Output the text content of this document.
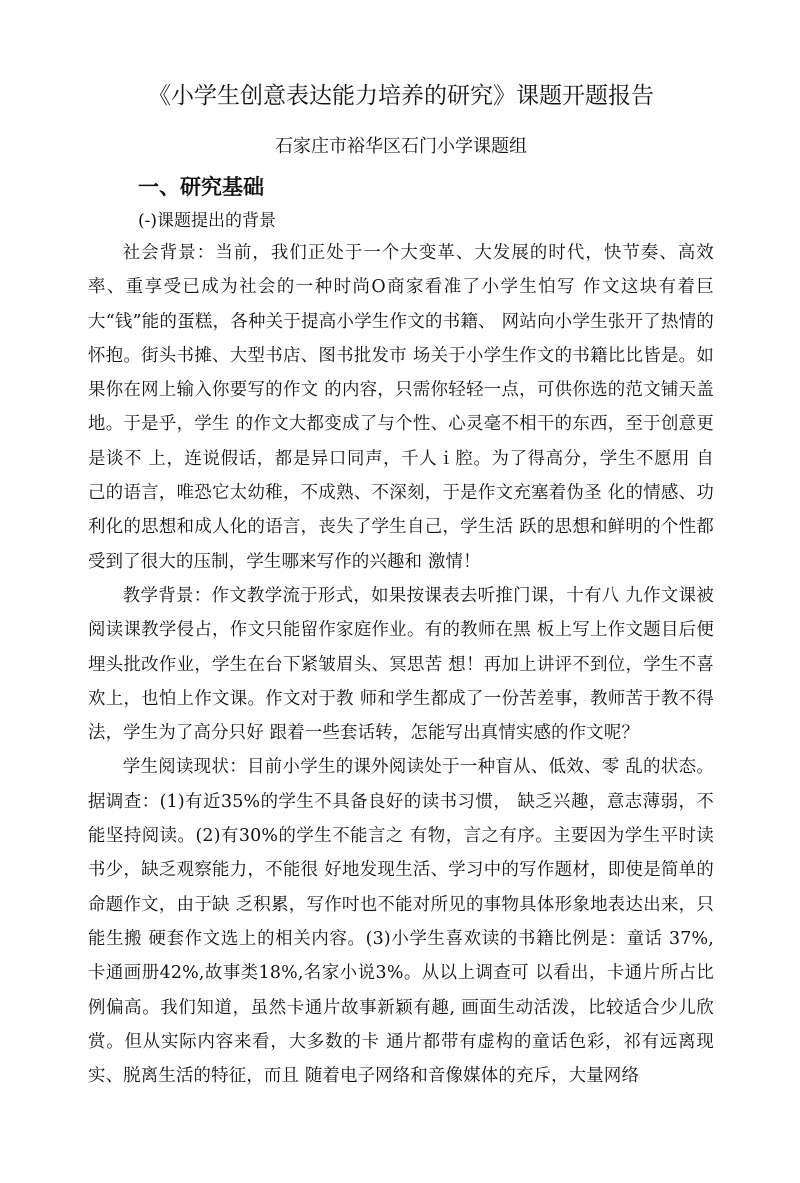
《小学生创意表达能力培养的研究》课题开题报告
石家庄市裕华区石门小学课题组
一、研究基础
(-)课题提出的背景

社会背景：当前，我们正处于一个大变革、大发展的时代，快节奏、高效率、重享受已成为社会的一种时尚O商家看准了小学生怕写 作文这块有着巨大“钱”能的蛋糕，各种关于提高小学生作文的书籍、 网站向小学生张开了热情的怀抱。街头书摊、大型书店、图书批发市 场关于小学生作文的书籍比比皆是。如果你在网上输入你要写的作文 的内容，只需你轻轻一点，可供你选的范文铺天盖地。于是乎，学生 的作文大都变成了与个性、心灵毫不相干的东西，至于创意更是谈不 上，连说假话，都是异口同声，千人ｉ腔。为了得高分，学生不愿用 自己的语言，唯恐它太幼稚，不成熟、不深刻，于是作文充塞着伪圣 化的情感、功利化的思想和成人化的语言，丧失了学生自己，学生活 跃的思想和鲜明的个性都受到了很大的压制，学生哪来写作的兴趣和 激情！

教学背景：作文教学流于形式，如果按课表去听推门课，十有八 九作文课被阅读课教学侵占，作文只能留作家庭作业。有的教师在黑 板上写上作文题目后便埋头批改作业，学生在台下紧皱眉头、冥思苦 想！再加上讲评不到位，学生不喜欢上，也怕上作文课。作文对于教 师和学生都成了一份苦差事，教师苦于教不得法，学生为了高分只好 跟着一些套话转，怎能写出真情实感的作文呢？

学生阅读现状：目前小学生的课外阅读处于一种盲从、低效、零 乱的状态。据调查：(1)有近35%的学生不具备良好的读书习惯， 缺乏兴趣，意志薄弱，不能坚持阅读。(2)有30%的学生不能言之 有物，言之有序。主要因为学生平时读书少，缺乏观察能力，不能很 好地发现生活、学习中的写作题材，即使是简单的命题作文，由于缺 乏积累，写作吋也不能对所见的事物具体形象地表达出来，只能生搬 硬套作文选上的相关内容。(3)小学生喜欢读的书籍比例是：童话 37%,卡通画册42%,故事类18%,名家小说3%。从以上调查可 以看出，卡通片所占比例偏高。我们知道，虽然卡通片故事新颖有趣, 画面生动活泼，比较适合少儿欣赏。但从实际内容来看，大多数的卡 通片都带有虚构的童话色彩，祁有远离现实、脱离生活的特征，而且 随着电子网络和音像媒体的充斥，大量网络
